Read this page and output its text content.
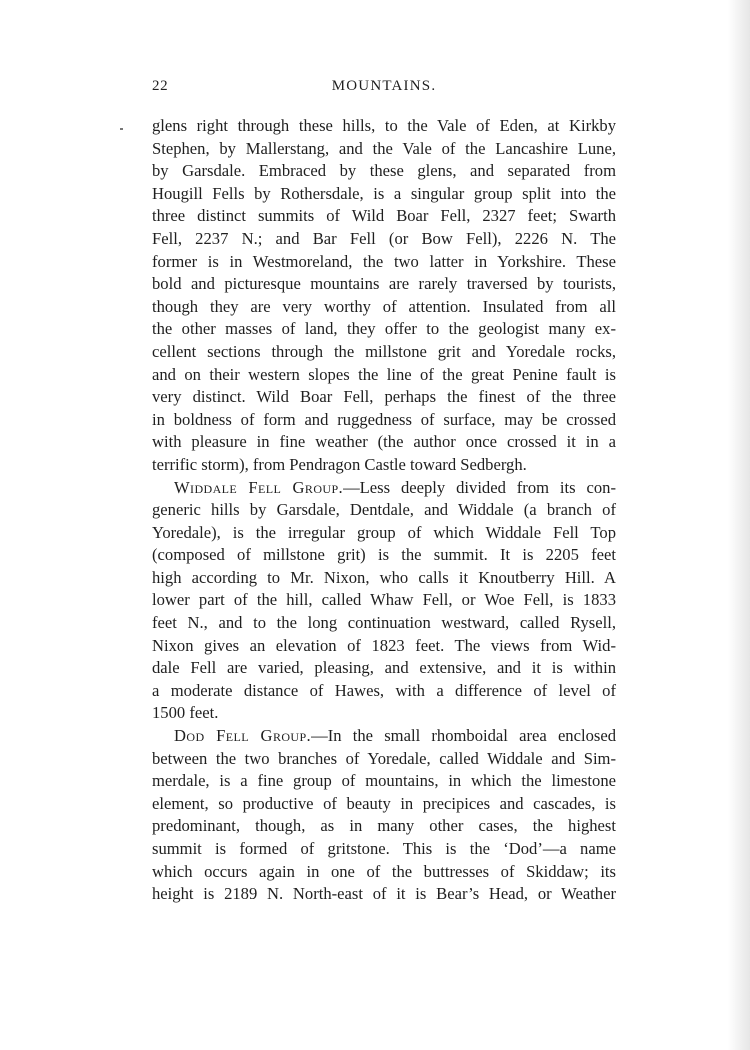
22	MOUNTAINS.
glens right through these hills, to the Vale of Eden, at Kirkby
Stephen, by Mallerstang, and the Vale of the Lancashire Lune,
by Garsdale. Embraced by these glens, and separated from
Hougill Fells by Rothersdale, is a singular group split into the
three distinct summits of Wild Boar Fell, 2327 feet; Swarth
Fell, 2237 N.; and Bar Fell (or Bow Fell), 2226 N. The
former is in Westmoreland, the two latter in Yorkshire. These
bold and picturesque mountains are rarely traversed by tourists,
though they are very worthy of attention. Insulated from all
the other masses of land, they offer to the geologist many ex-
cellent sections through the millstone grit and Yoredale rocks,
and on their western slopes the line of the great Penine fault is
very distinct. Wild Boar Fell, perhaps the finest of the three
in boldness of form and ruggedness of surface, may be crossed
with pleasure in fine weather (the author once crossed it in a
terrific storm), from Pendragon Castle toward Sedbergh.
Widdale Fell Group.—Less deeply divided from its con-
generic hills by Garsdale, Dentdale, and Widdale (a branch of
Yoredale), is the irregular group of which Widdale Fell Top
(composed of millstone grit) is the summit. It is 2205 feet
high according to Mr. Nixon, who calls it Knoutberry Hill. A
lower part of the hill, called Whaw Fell, or Woe Fell, is 1833
feet N., and to the long continuation westward, called Rysell,
Nixon gives an elevation of 1823 feet. The views from Wid-
dale Fell are varied, pleasing, and extensive, and it is within
a moderate distance of Hawes, with a difference of level of
1500 feet.
Dod Fell Group.—In the small rhomboidal area enclosed
between the two branches of Yoredale, called Widdale and Sim-
merdale, is a fine group of mountains, in which the limestone
element, so productive of beauty in precipices and cascades, is
predominant, though, as in many other cases, the highest
summit is formed of gritstone. This is the ‘Dod’—a name
which occurs again in one of the buttresses of Skiddaw; its
height is 2189 N. North-east of it is Bear’s Head, or Weather
